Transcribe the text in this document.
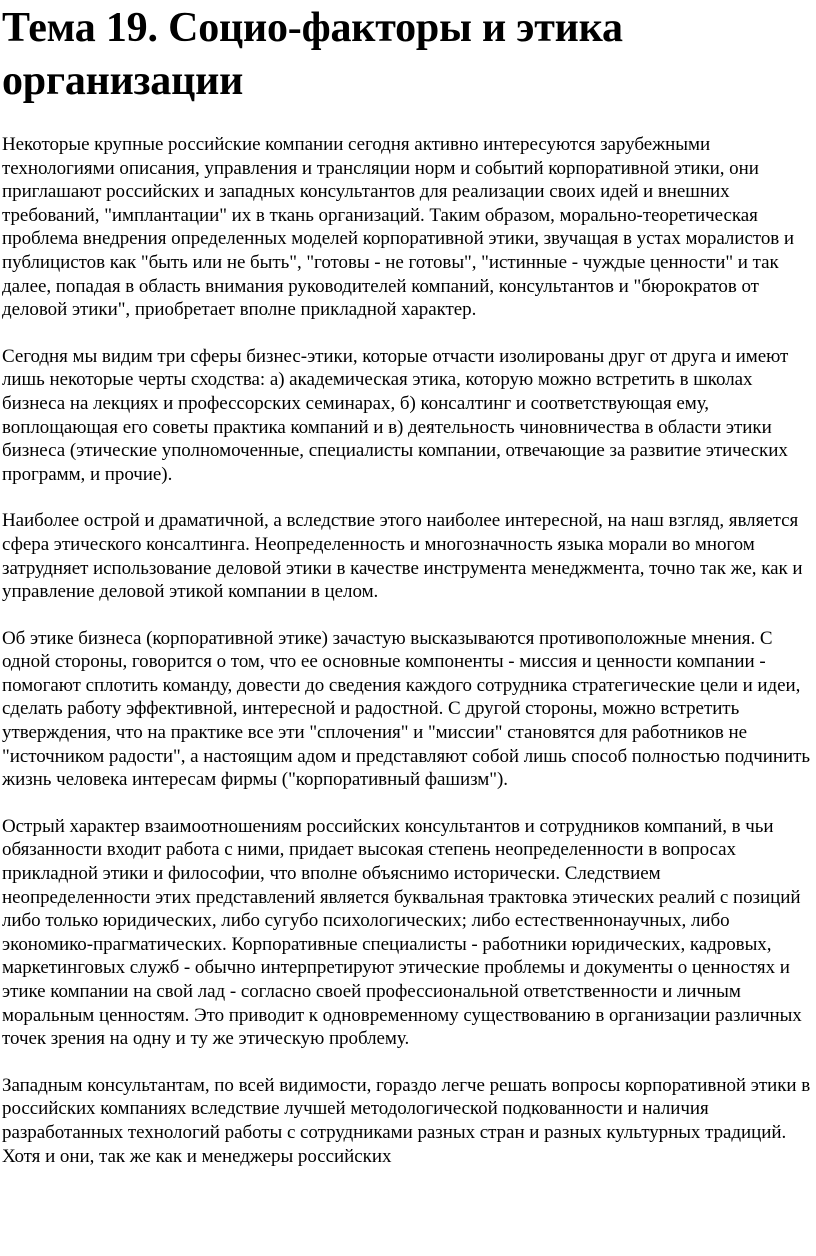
Тема 19. Социо-факторы и этика организации

Некоторые крупные российские компании сегодня активно интересуются зарубежными технологиями описания, управления и трансляции норм и событий корпоративной этики, они приглашают российских и западных консультантов для реализации своих идей и внешних требований, "имплантации" их в ткань организаций. Таким образом, морально-теоретическая проблема внедрения определенных моделей корпоративной этики, звучащая в устах моралистов и публицистов как "быть или не быть", "готовы - не готовы", "истинные - чуждые ценности" и так далее, попадая в область внимания руководителей компаний, консультантов и "бюрократов от деловой этики", приобретает вполне прикладной характер.

Сегодня мы видим три сферы бизнес-этики, которые отчасти изолированы друг от друга и имеют лишь некоторые черты сходства: а) академическая этика, которую можно встретить в школах бизнеса на лекциях и профессорских семинарах, б) консалтинг и соответствующая ему, воплощающая его советы практика компаний и в) деятельность чиновничества в области этики бизнеса (этические уполномоченные, специалисты компании, отвечающие за развитие этических программ, и прочие).

Наиболее острой и драматичной, а вследствие этого наиболее интересной, на наш взгляд, является сфера этического консалтинга. Неопределенность и многозначность языка морали во многом затрудняет использование деловой этики в качестве инструмента менеджмента, точно так же, как и управление деловой этикой компании в целом.

Об этике бизнеса (корпоративной этике) зачастую высказываются противоположные мнения. С одной стороны, говорится о том, что ее основные компоненты - миссия и ценности компании - помогают сплотить команду, довести до сведения каждого сотрудника стратегические цели и идеи, сделать работу эффективной, интересной и радостной. С другой стороны, можно встретить утверждения, что на практике все эти "сплочения" и "миссии" становятся для работников не "источником радости", а настоящим адом и представляют собой лишь способ полностью подчинить жизнь человека интересам фирмы ("корпоративный фашизм").

Острый характер взаимоотношениям российских консультантов и сотрудников компаний, в чьи обязанности входит работа с ними, придает высокая степень неопределенности в вопросах прикладной этики и философии, что вполне объяснимо исторически. Следствием неопределенности этих представлений является буквальная трактовка этических реалий с позиций либо только юридических, либо сугубо психологических; либо естественнонаучных, либо экономико-прагматических. Корпоративные специалисты - работники юридических, кадровых, маркетинговых служб - обычно интерпретируют этические проблемы и документы о ценностях и этике компании на свой лад - согласно своей профессиональной ответственности и личным моральным ценностям. Это приводит к одновременному существованию в организации различных точек зрения на одну и ту же этическую проблему.

Западным консультантам, по всей видимости, гораздо легче решать вопросы корпоративной этики в российских компаниях вследствие лучшей методологической подкованности и наличия разработанных технологий работы с сотрудниками разных стран и разных культурных традиций. Хотя и они, так же как и менеджеры российских
